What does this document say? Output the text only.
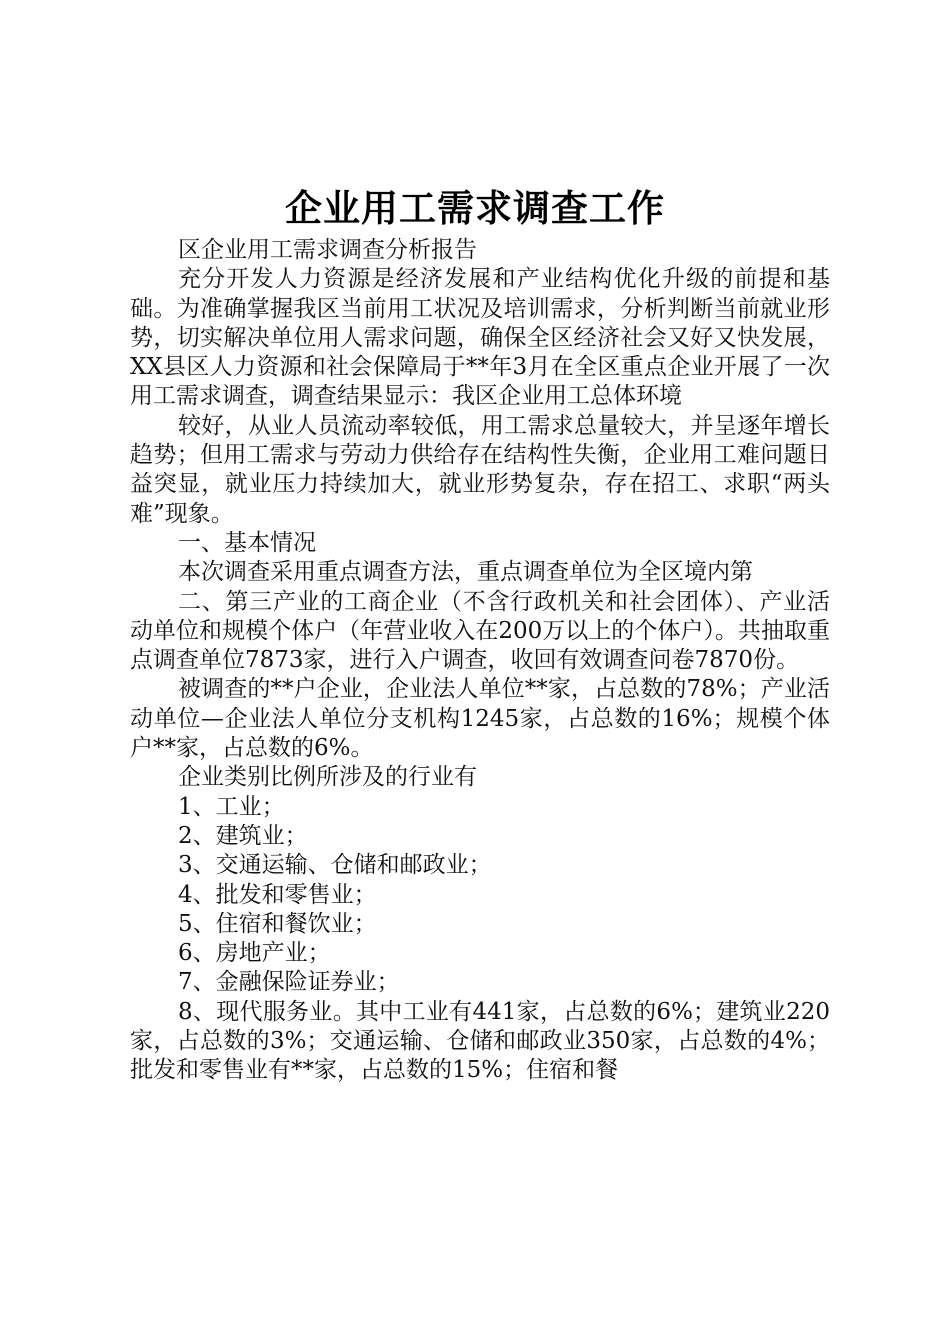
企业用工需求调查工作

区企业用工需求调查分析报告

充分开发人力资源是经济发展和产业结构优化升级的前提和基础。为准确掌握我区当前用工状况及培训需求，分析判断当前就业形势，切实解决单位用人需求问题，确保全区经济社会又好又快发展，XX县区人力资源和社会保障局于**年3月在全区重点企业开展了一次用工需求调查，调查结果显示：我区企业用工总体环境

较好，从业人员流动率较低，用工需求总量较大，并呈逐年增长趋势；但用工需求与劳动力供给存在结构性失衡，企业用工难问题日益突显，就业压力持续加大，就业形势复杂，存在招工、求职“两头难”现象。

一、基本情况

本次调查采用重点调查方法，重点调查单位为全区境内第

二、第三产业的工商企业（不含行政机关和社会团体）、产业活动单位和规模个体户（年营业收入在200万以上的个体户）。共抽取重点调查单位7873家，进行入户调查，收回有效调查问卷7870份。

被调查的**户企业，企业法人单位**家，占总数的78%；产业活动单位—企业法人单位分支机构1245家，占总数的16%；规模个体户**家，占总数的6%。

企业类别比例所涉及的行业有

1、工业；

2、建筑业；

3、交通运输、仓储和邮政业；

4、批发和零售业；

5、住宿和餐饮业；

6、房地产业；

7、金融保险证券业；

8、现代服务业。其中工业有441家，占总数的6%；建筑业220家，占总数的3%；交通运输、仓储和邮政业350家，占总数的4%；批发和零售业有**家，占总数的15%；住宿和餐
